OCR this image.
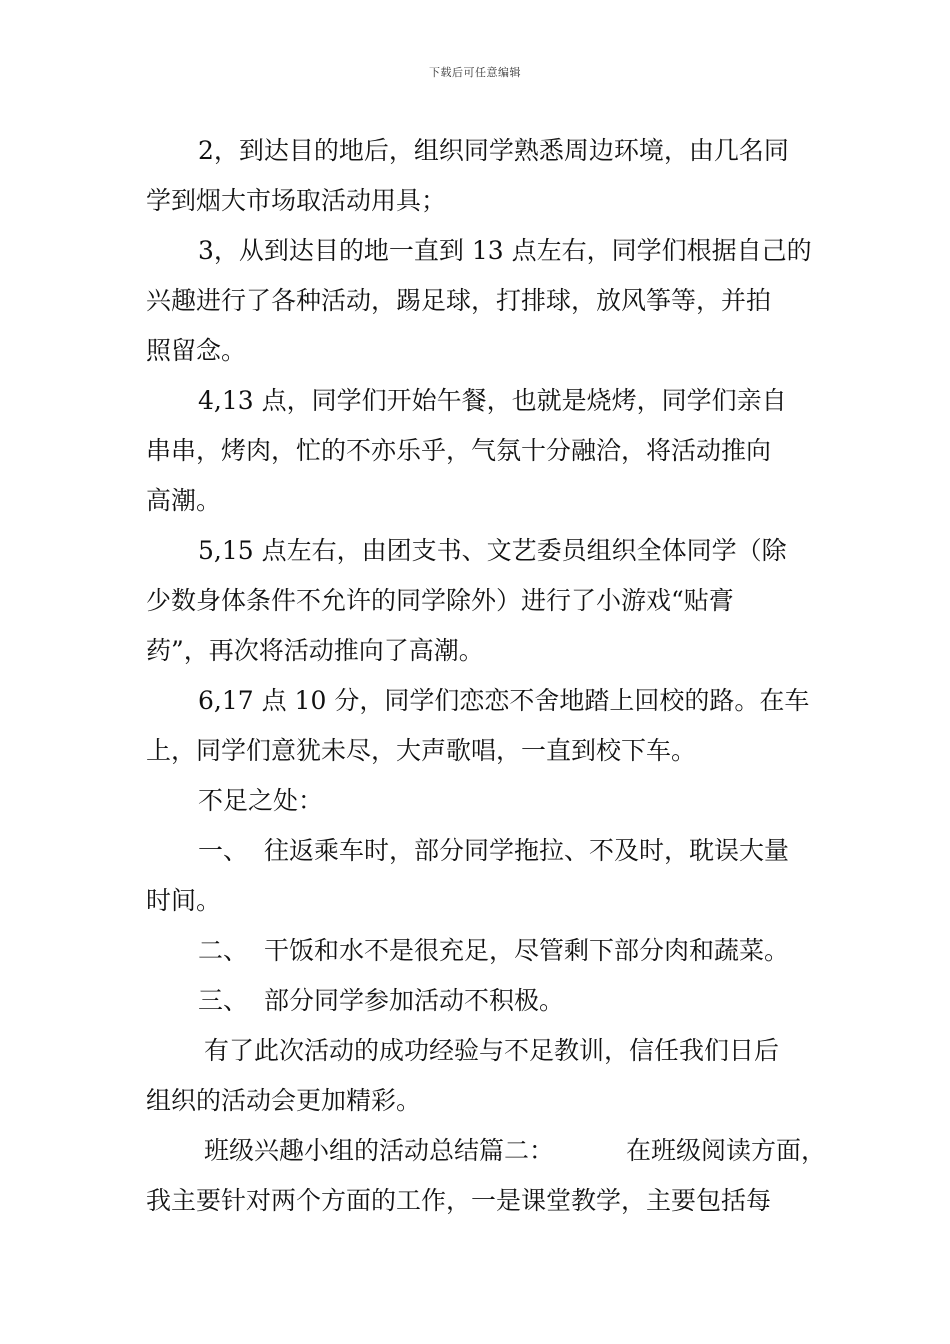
下载后可任意编辑
2，到达目的地后，组织同学熟悉周边环境，由几名同
学到烟大市场取活动用具；
3，从到达目的地一直到 13 点左右，同学们根据自己的
兴趣进行了各种活动，踢足球，打排球，放风筝等，并拍
照留念。
4,13 点，同学们开始午餐，也就是烧烤，同学们亲自
串串，烤肉，忙的不亦乐乎，气氛十分融洽，将活动推向
高潮。
5,15 点左右，由团支书、文艺委员组织全体同学（除
少数身体条件不允许的同学除外）进行了小游戏“贴膏
药”，再次将活动推向了高潮。
6,17 点 10 分，同学们恋恋不舍地踏上回校的路。在车
上，同学们意犹未尽，大声歌唱，一直到校下车。
不足之处：
一、 往返乘车时，部分同学拖拉、不及时，耽误大量
时间。
二、 干饭和水不是很充足，尽管剩下部分肉和蔬菜。
三、 部分同学参加活动不积极。
有了此次活动的成功经验与不足教训，信任我们日后
组织的活动会更加精彩。
班级兴趣小组的活动总结篇二：	在班级阅读方面，
我主要针对两个方面的工作，一是课堂教学，主要包括每
